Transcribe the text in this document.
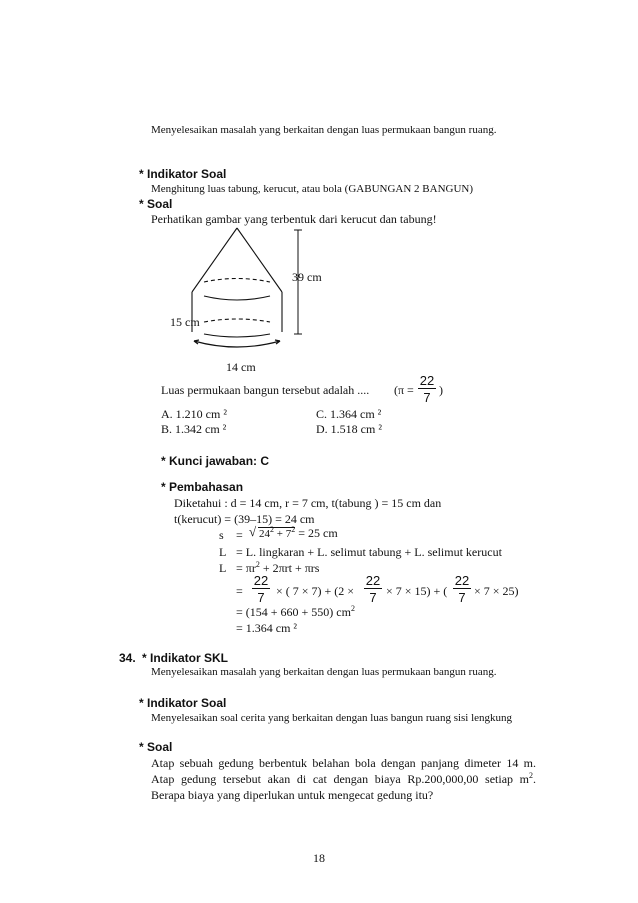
Menyelesaikan masalah yang berkaitan dengan luas permukaan bangun ruang.
* Indikator Soal
Menghitung luas tabung, kerucut, atau bola (GABUNGAN 2 BANGUN)
* Soal
Perhatikan gambar yang terbentuk dari kerucut dan tabung!
39 cm
15 cm
14 cm
Luas permukaan bangun tersebut adalah .... (π =
22
7 )
A. 1.210 cm ²
B. 1.342 cm ²
C. 1.364 cm ²
D. 1.518 cm ²
* Kunci jawaban: C
* Pembahasan
Diketahui : d = 14 cm, r = 7 cm, t(tabung ) = 15 cm dan
t(kerucut) = (39–15) = 24 cm
s = √ $24^2 + 7^2 = 25$ cm
L = L. lingkaran + L. selimut tabung + L. selimut kerucut
$L = \pi r^2 + 2\pi rt + \pi rs$
=
22
7 × ( 7 × 7) + (2 ×
22
7 × 7 × 15) + (
22
7 × 7 × 25)
= (154 + 660 + 550) $cm^2$
= 1.364 cm ²
34. * Indikator SKL
Menyelesaikan masalah yang berkaitan dengan luas permukaan bangun ruang.
* Indikator Soal
Menyelesaikan soal cerita yang berkaitan dengan luas bangun ruang sisi lengkung
* Soal
Atap sebuah gedung berbentuk belahan bola dengan panjang dimeter 14 m.
Atap gedung tersebut akan di cat dengan biaya Rp.200,000,00 setiap $m^2$.
Berapa biaya yang diperlukan untuk mengecat gedung itu?
18
